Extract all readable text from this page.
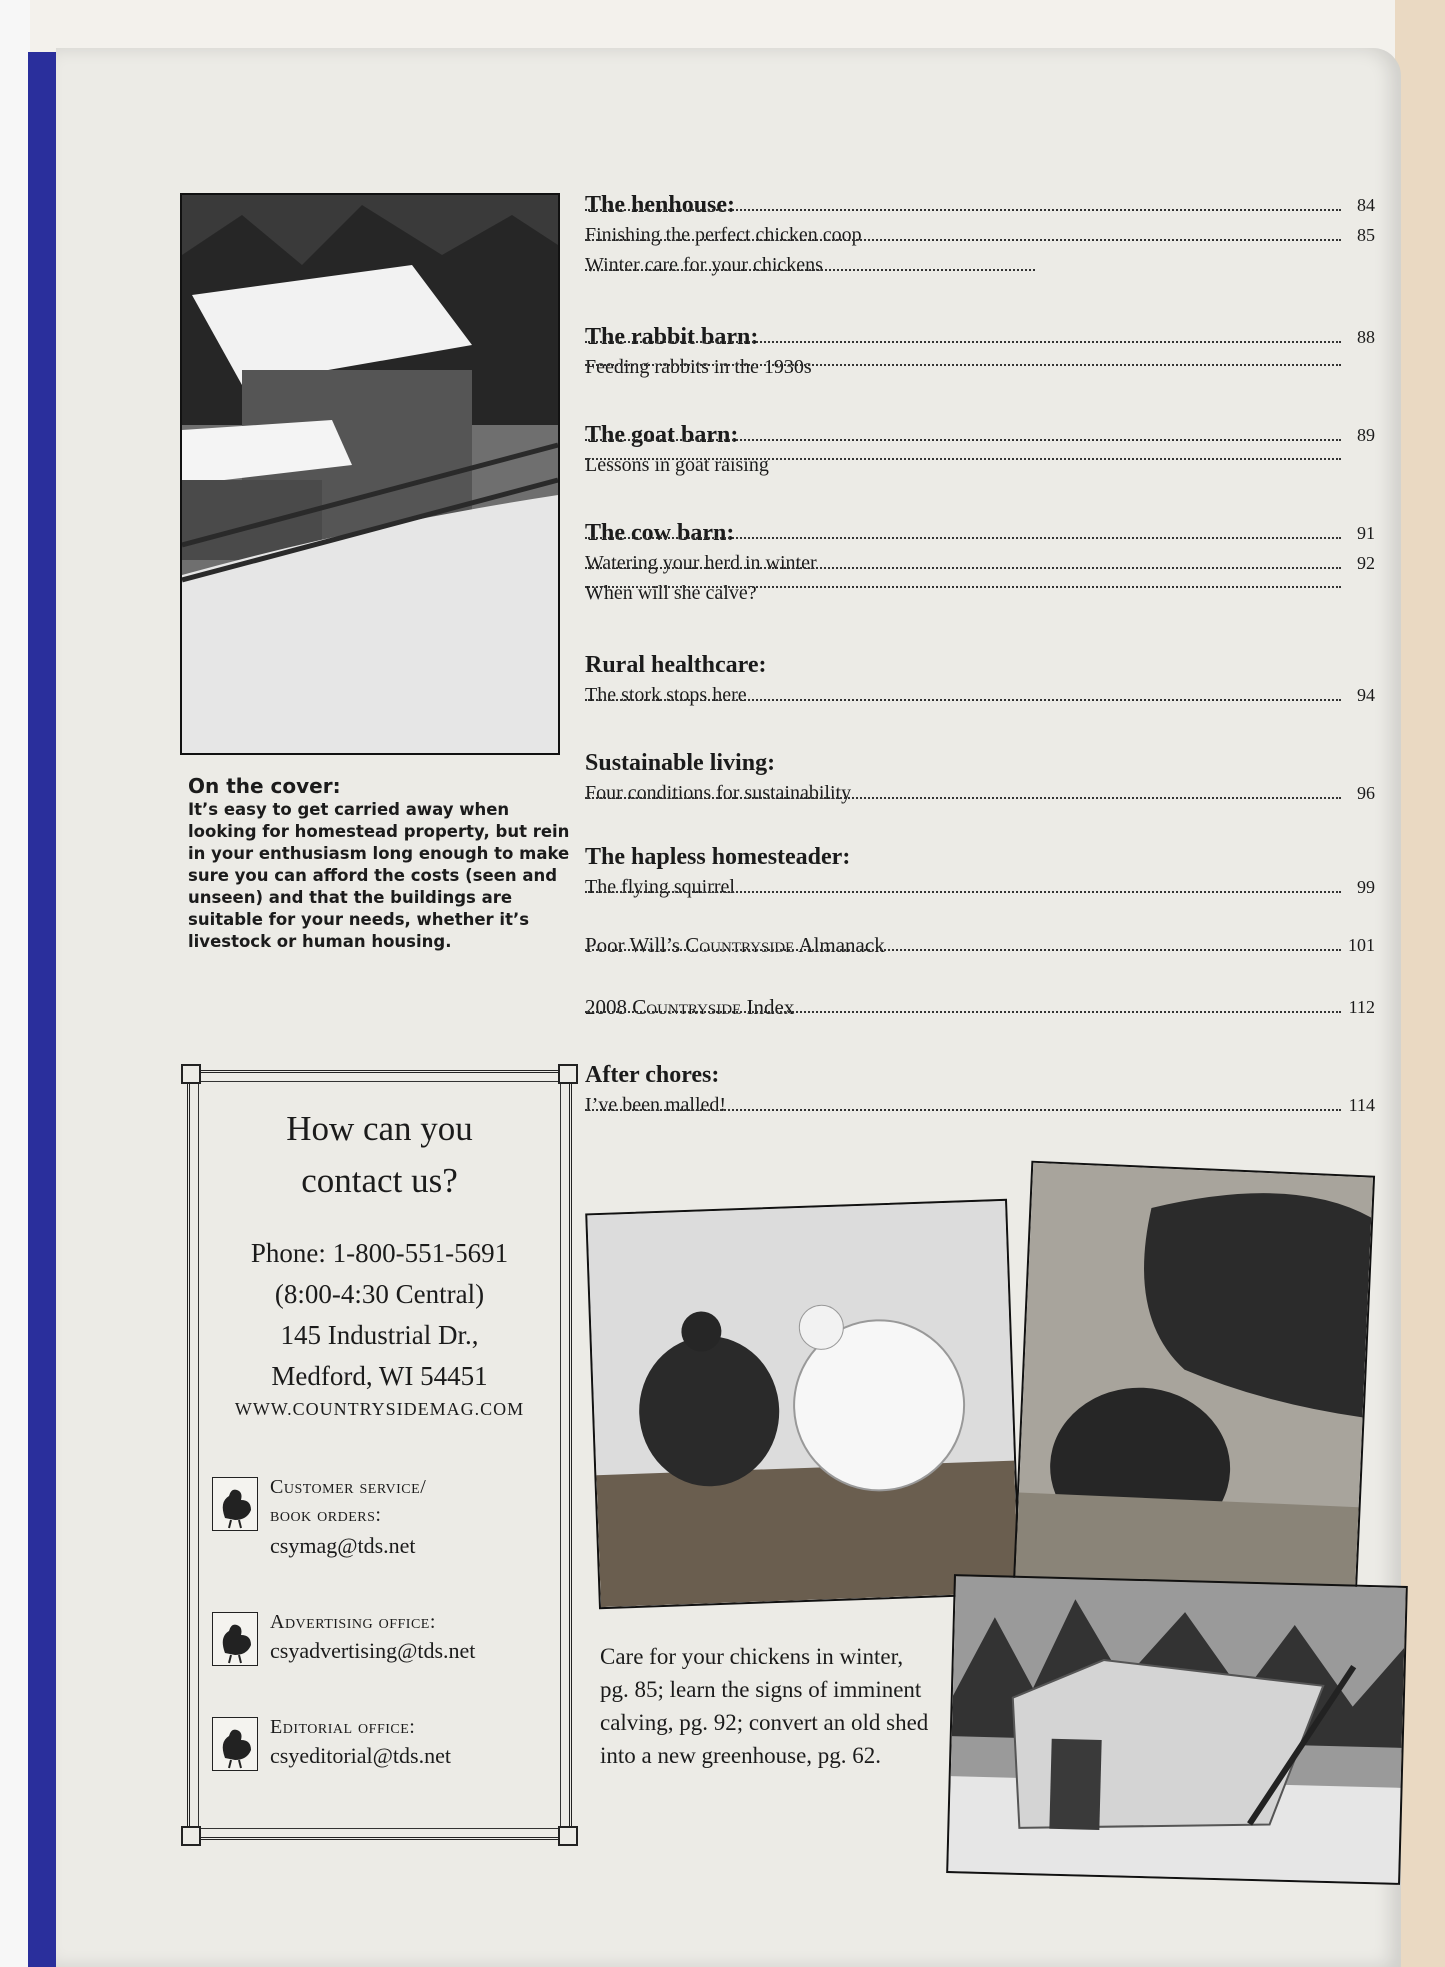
On the cover:
It’s easy to get carried away when looking for homestead property, but rein in your enthusiasm long enough to make sure you can afford the costs (seen and unseen) and that the buildings are suitable for your needs, whether it’s livestock or human housing.
How can you
contact us?
Phone: 1-800-551-5691
(8:00-4:30 Central)
145 Industrial Dr.,
Medford, WI 54451
WWW.COUNTRYSIDEMAG.COM
Customer service/
book orders:
csymag@tds.net
Advertising office:
csyadvertising@tds.net
Editorial office:
csyeditorial@tds.net
The henhouse:	84
Finishing the perfect chicken coop	85
Winter care for your chickens
The rabbit barn:	88
Feeding rabbits in the 1930s
The goat barn:	89
Lessons in goat raising
The cow barn:	91
Watering your herd in winter	92
When will she calve?
Rural healthcare:
The stork stops here	94
Sustainable living:
Four conditions for sustainability	96
The hapless homesteader:
The flying squirrel	99
Poor Will’s Countryside Almanack	101
2008 Countryside Index	112
After chores:
I’ve been malled!	114
Care for your chickens in winter, pg. 85; learn the signs of imminent calving, pg. 92; convert an old shed into a new greenhouse, pg. 62.
